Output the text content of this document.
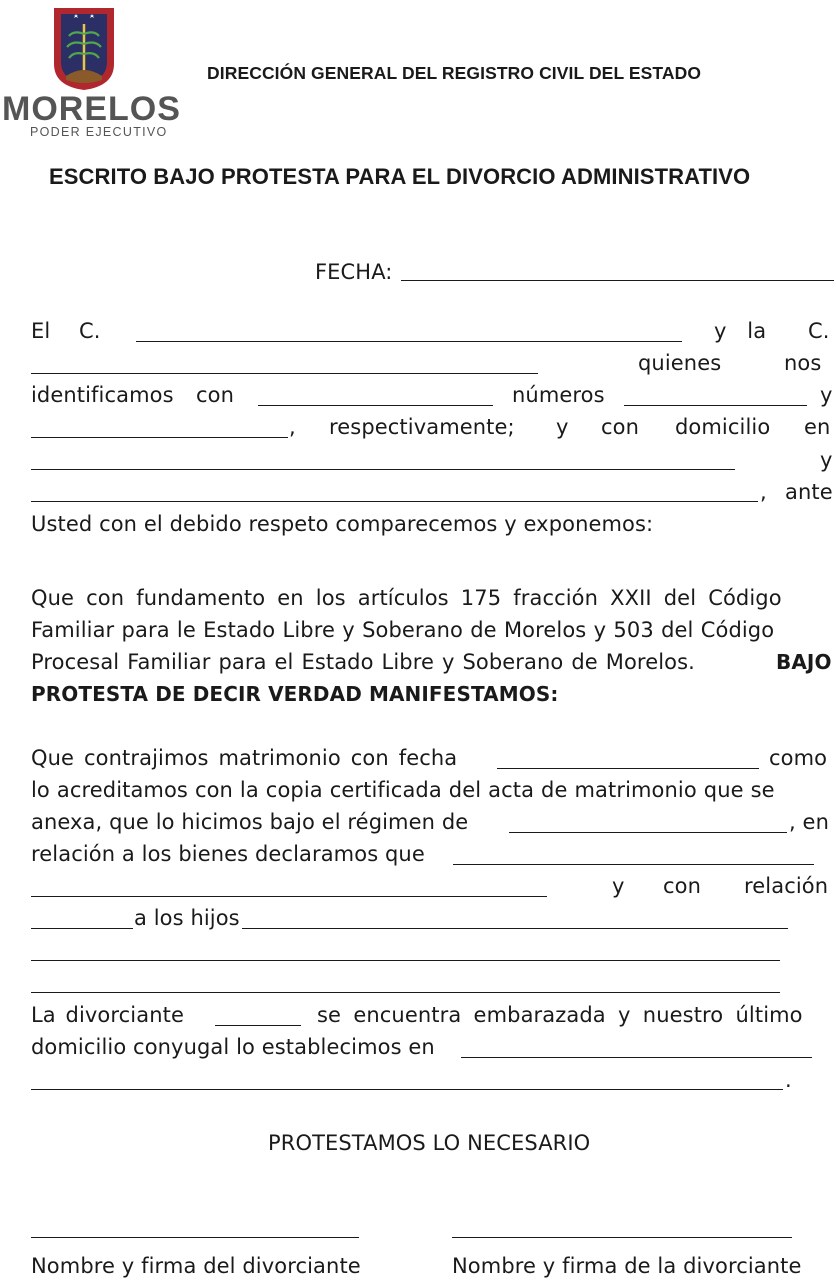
MORELOS
PODER EJECUTIVO
DIRECCIÓN GENERAL DEL REGISTRO CIVIL DEL ESTADO
ESCRITO BAJO PROTESTA PARA EL DIVORCIO ADMINISTRATIVO
FECHA:
El C.	y la C.
quienes	nos
identificamos con	números	y
, respectivamente; y con domicilio en
y
, ante
Usted con el debido respeto comparecemos y exponemos:
Que con fundamento en los artículos 175 fracción XXII del Código
Familiar para le Estado Libre y Soberano de Morelos y 503 del Código
Procesal Familiar para el Estado Libre y Soberano de Morelos.	BAJO
PROTESTA DE DECIR VERDAD MANIFESTAMOS:
Que contrajimos matrimonio con fecha	como
lo acreditamos con la copia certificada del acta de matrimonio que se
anexa, que lo hicimos bajo el régimen de	, en
relación a los bienes declaramos que
y con relación
a los hijos
La divorciante	se encuentra embarazada y nuestro último
domicilio conyugal lo establecimos en
.
PROTESTAMOS LO NECESARIO
Nombre y firma del divorciante	Nombre y firma de la divorciante
